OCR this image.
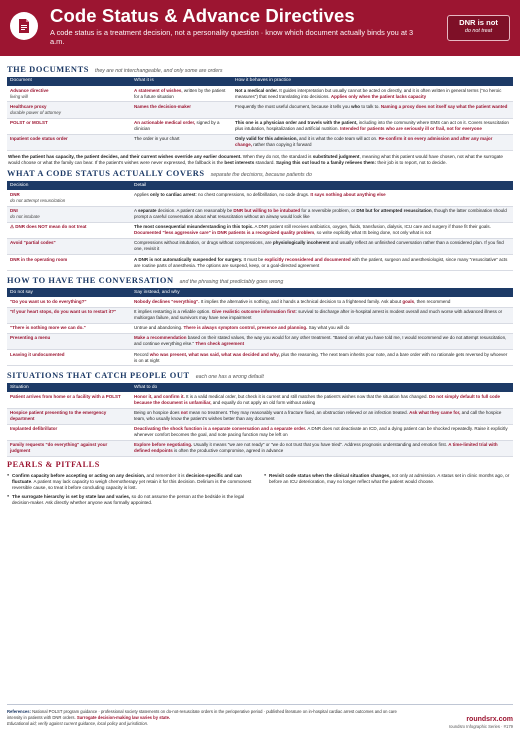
Code Status & Advance Directives
A code status is a treatment decision, not a personality question · know which document actually binds you at 3 a.m.
DNR is not
do not treat
THE DOCUMENTS they are not interchangeable, and only some are orders
Document	What it is	How it behaves in practice
Advance directive
living will	A statement of wishes, written by the patient for a future situation	Not a medical order. It guides interpretation but usually cannot be acted on directly, and it is often written in general terms ("no heroic measures") that need translating into decisions. Applies only when the patient lacks capacity
Healthcare proxy
durable power of attorney	Names the decision-maker	Frequently the most useful document, because it tells you who to talk to. Naming a proxy does not itself say what the patient wanted
POLST or MOLST	An actionable medical order, signed by a clinician	This one is a physician order and travels with the patient, including into the community where EMS can act on it. Covers resuscitation plus intubation, hospitalization and artificial nutrition. Intended for patients who are seriously ill or frail, not for everyone
Inpatient code status order	The order in your chart	Only valid for this admission, and it is what the code team will act on. Re-confirm it on every admission and after any major change, rather than copying it forward
When the patient has capacity, the patient decides, and their current wishes override any earlier document. When they do not, the standard is substituted judgment, meaning what this patient would have chosen, not what the surrogate would choose or what the family can bear. If the patient's wishes were never expressed, the fallback is the best interests standard. Saying this out loud to a family relieves them: their job is to report, not to decide.
WHAT A CODE STATUS ACTUALLY COVERS separate the decisions, because patients do
Decision	Detail
DNR
do not attempt resuscitation	Applies only to cardiac arrest: no chest compressions, no defibrillation, no code drugs. It says nothing about anything else
DNI
do not intubate	A separate decision. A patient can reasonably be DNR but willing to be intubated for a reversible problem, or DNI but for attempted resuscitation, though the latter combination should prompt a careful conversation about what resuscitation without an airway would look like
⚠ DNR does NOT mean do not treat	The most consequential misunderstanding in this topic. A DNR patient still receives antibiotics, oxygen, fluids, transfusion, dialysis, ICU care and surgery if those fit their goals. Documented "less aggressive care" in DNR patients is a recognized quality problem, so write explicitly what IS being done, not only what is not
Avoid "partial codes"	Compressions without intubation, or drugs without compressions, are physiologically incoherent and usually reflect an unfinished conversation rather than a considered plan. If you find one, revisit it
DNR in the operating room	A DNR is not automatically suspended for surgery. It must be explicitly reconsidered and documented with the patient, surgeon and anesthesiologist, since many "resuscitative" acts are routine parts of anesthesia. The options are suspend, keep, or a goal-directed agreement
HOW TO HAVE THE CONVERSATION and the phrasing that predictably goes wrong
Do not say	Say instead, and why
"Do you want us to do everything?"	Nobody declines "everything". It implies the alternative is nothing, and it hands a technical decision to a frightened family. Ask about goals, then recommend
"If your heart stops, do you want us to restart it?"	It implies restarting is a reliable option. Give realistic outcome information first: survival to discharge after in-hospital arrest is modest overall and much worse with advanced illness or multiorgan failure, and survivors may have new impairment
"There is nothing more we can do."	Untrue and abandoning. There is always symptom control, presence and planning. Say what you will do
Presenting a menu	Make a recommendation based on their stated values, the way you would for any other treatment. "Based on what you have told me, I would recommend we do not attempt resuscitation, and continue everything else." Then check agreement
Leaving it undocumented	Record who was present, what was said, what was decided and why, plus the reasoning. The next team inherits your note, and a bare order with no rationale gets reversed by whoever is on at night
SITUATIONS THAT CATCH PEOPLE OUT each one has a wrong default
Situation	What to do
Patient arrives from home or a facility with a POLST	Honor it, and confirm it. It is a valid medical order, but check it is current and still matches the patient's wishes now that the situation has changed. Do not simply default to full code because the document is unfamiliar, and equally do not apply an old form without asking
Hospice patient presenting to the emergency department	Being on hospice does not mean no treatment. They may reasonably want a fracture fixed, an obstruction relieved or an infection treated. Ask what they came for, and call the hospice team, who usually know the patient's wishes better than any document
Implanted defibrillator	Deactivating the shock function is a separate conversation and a separate order. A DNR does not deactivate an ICD, and a dying patient can be shocked repeatedly. Raise it explicitly whenever comfort becomes the goal, and note pacing function may be left on
Family requests "do everything" against your judgment	Explore before negotiating. Usually it means "we are not ready" or "we do not trust that you have tried". Address prognosis understanding and emotion first. A time-limited trial with defined endpoints is often the productive compromise, agreed in advance
PEARLS & PITFALLS
● Confirm capacity before accepting or acting on any decision, and remember it is decision-specific and can fluctuate. A patient may lack capacity to weigh chemotherapy yet retain it for this decision. Delirium is the commonest reversible cause, so treat it before concluding capacity is lost.
● The surrogate hierarchy is set by state law and varies, so do not assume the person at the bedside is the legal decision-maker. Ask directly whether anyone was formally appointed.
● Revisit code status when the clinical situation changes, not only at admission. A status set in clinic months ago, or before an ICU deterioration, may no longer reflect what the patient would choose.
References: National POLST program guidance · professional society statements on do-not-resuscitate orders in the perioperative period · published literature on in-hospital cardiac arrest outcomes and on care intensity in patients with DNR orders. Surrogate decision-making law varies by state.
Educational aid; verify against current guidance, local policy and jurisdiction.
roundsrx.com
roundsrx Infographic Series · #179
